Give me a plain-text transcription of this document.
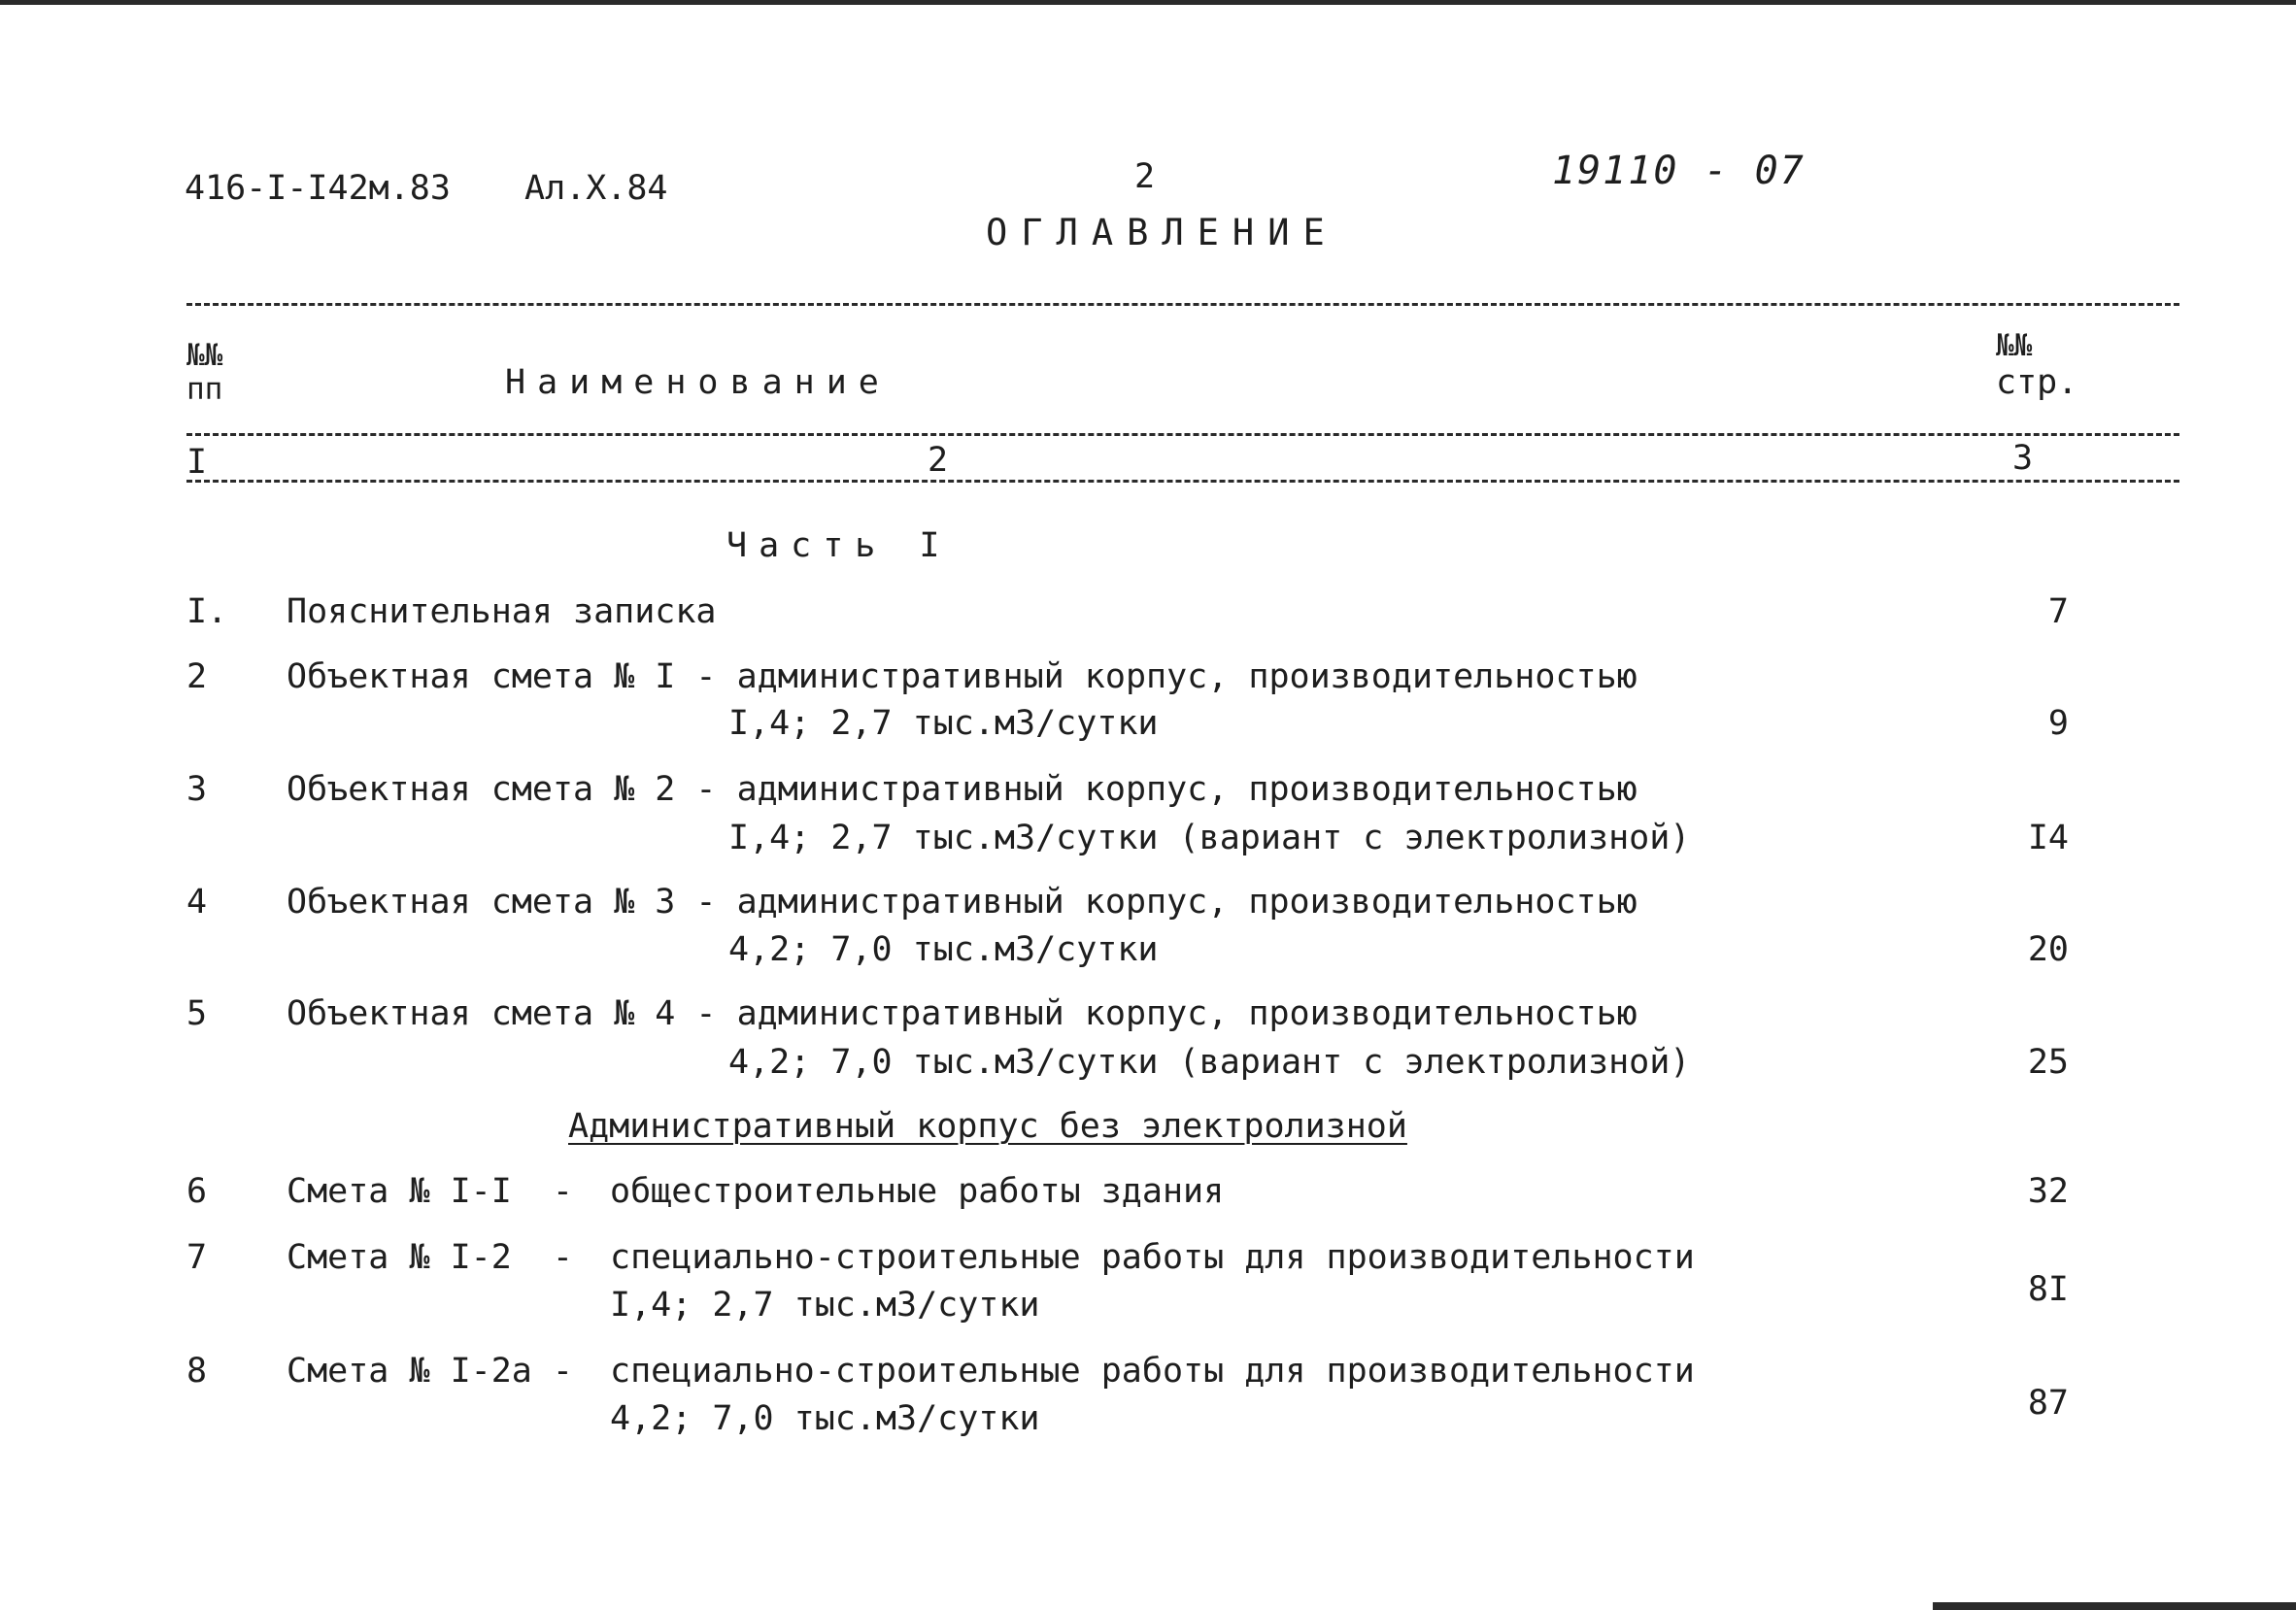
416-I-I42м.83 Ал.Х.84	2	19110 - 07
ОГЛАВЛЕНИЕ
№№
пп	Наименование
№№
стр.
I	2	3
Часть I
I. Пояснительная записка	7
2 Объектная смета № I - административный корпус, производительностью
I,4; 2,7 тыс.м3/сутки	9
3 Объектная смета № 2 - административный корпус, производительностью
I,4; 2,7 тыс.м3/сутки (вариант с электролизной)	I4
4 Объектная смета № 3 - административный корпус, производительностью
4,2; 7,0 тыс.м3/сутки	20
5 Объектная смета № 4 - административный корпус, производительностью
4,2; 7,0 тыс.м3/сутки (вариант с электролизной)	25
Административный корпус без электролизной
6 Смета № I-I  - общестроительные работы здания	32
7 Смета № I-2  - специально-строительные работы для производительности
I,4; 2,7 тыс.м3/сутки	8I
8 Смета № I-2а - специально-строительные работы для производительности
4,2; 7,0 тыс.м3/сутки	87
